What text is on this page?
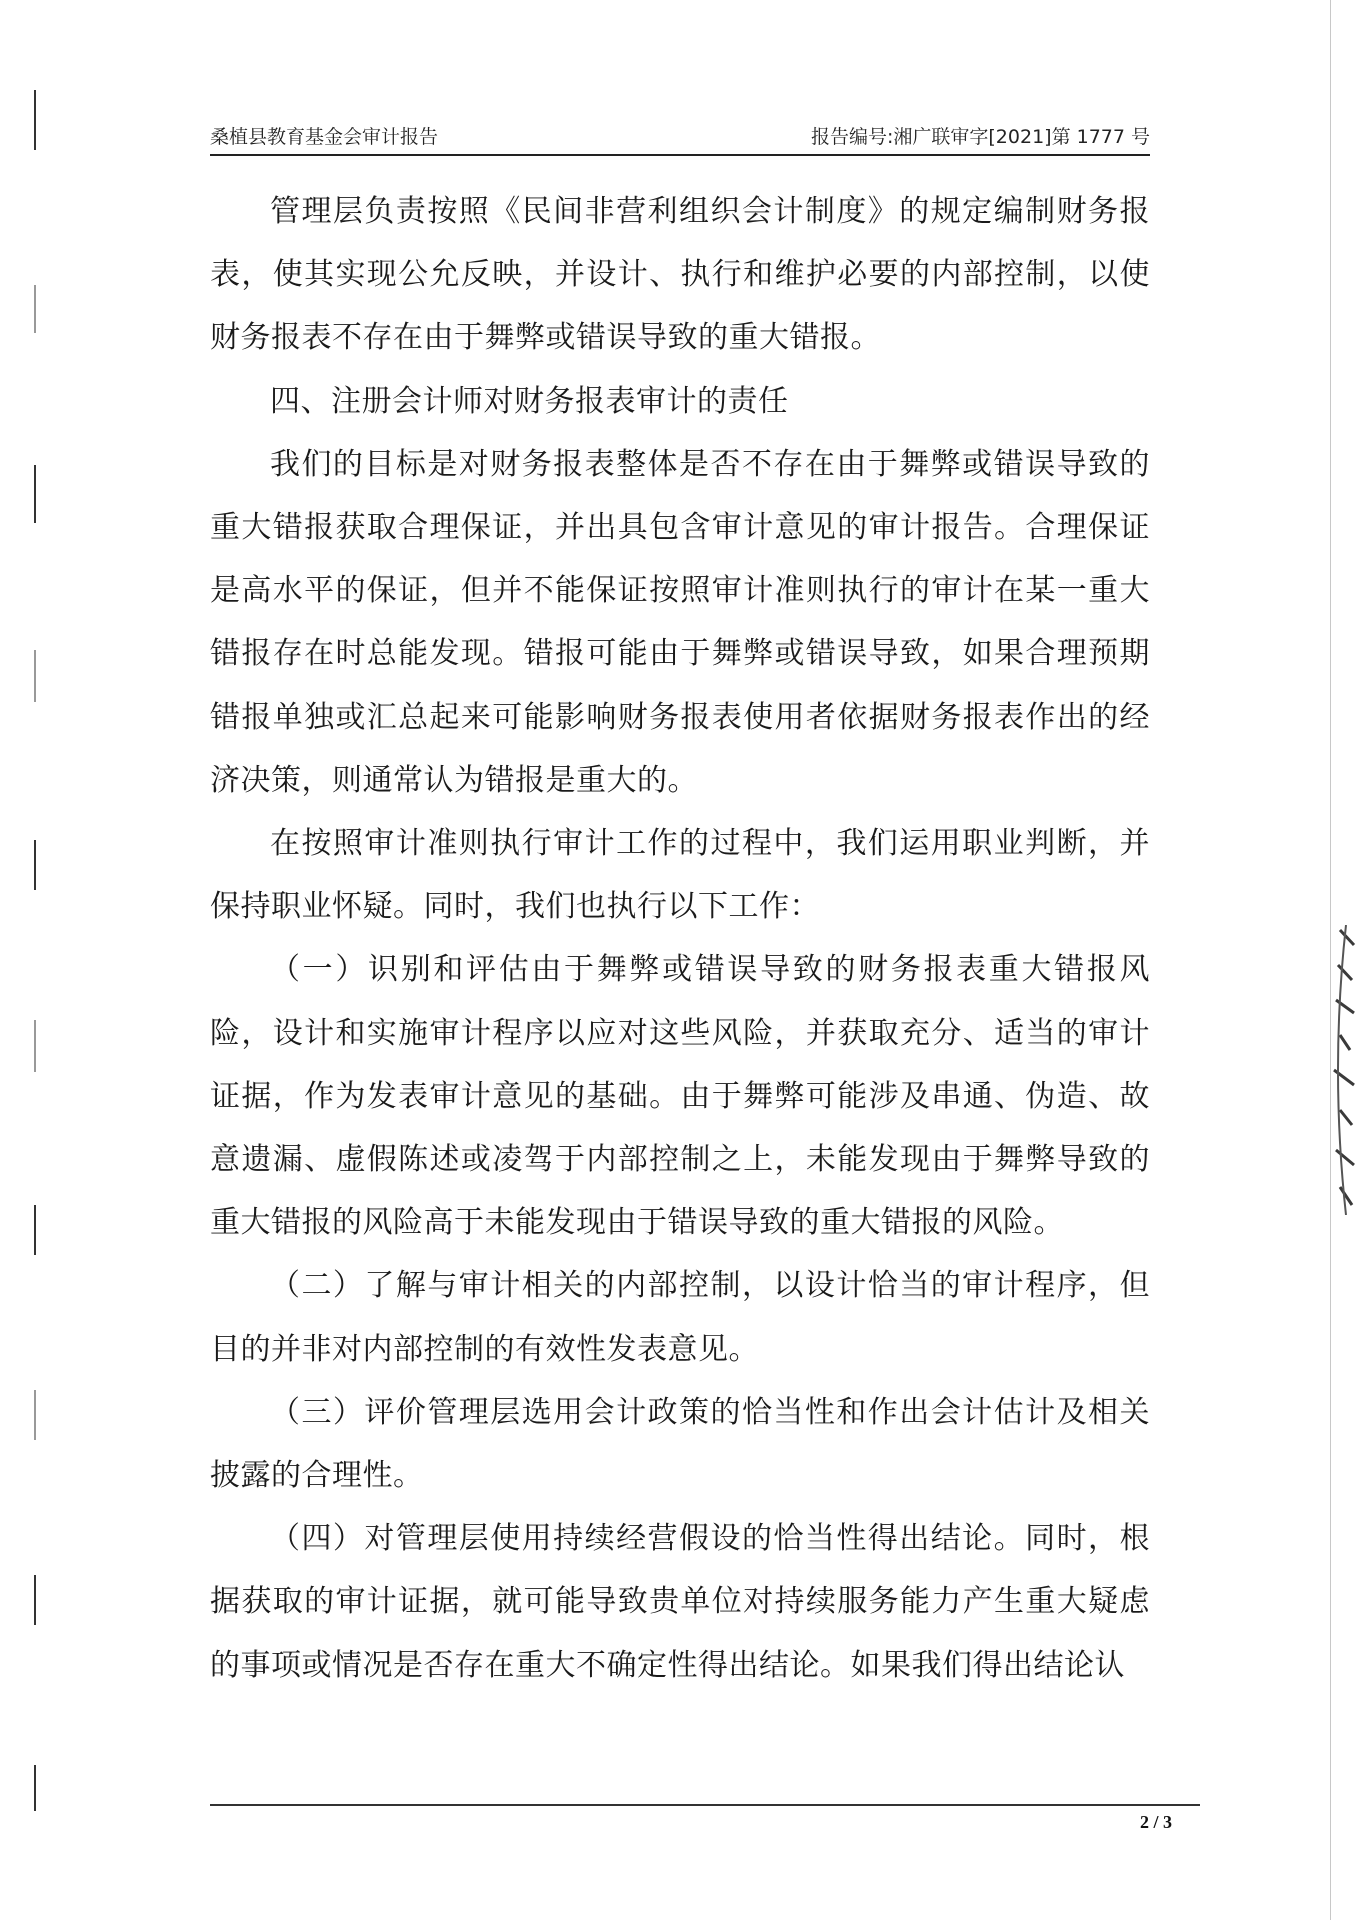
桑植县教育基金会审计报告	报告编号:湘广联审字[2021]第 1777 号

管理层负责按照《民间非营利组织会计制度》的规定编制财务报表，使其实现公允反映，并设计、执行和维护必要的内部控制，以使财务报表不存在由于舞弊或错误导致的重大错报。

四、注册会计师对财务报表审计的责任

我们的目标是对财务报表整体是否不存在由于舞弊或错误导致的重大错报获取合理保证，并出具包含审计意见的审计报告。合理保证是高水平的保证，但并不能保证按照审计准则执行的审计在某一重大错报存在时总能发现。错报可能由于舞弊或错误导致，如果合理预期错报单独或汇总起来可能影响财务报表使用者依据财务报表作出的经济决策，则通常认为错报是重大的。

在按照审计准则执行审计工作的过程中，我们运用职业判断，并保持职业怀疑。同时，我们也执行以下工作：

（一）识别和评估由于舞弊或错误导致的财务报表重大错报风险，设计和实施审计程序以应对这些风险，并获取充分、适当的审计证据，作为发表审计意见的基础。由于舞弊可能涉及串通、伪造、故意遗漏、虚假陈述或凌驾于内部控制之上，未能发现由于舞弊导致的重大错报的风险高于未能发现由于错误导致的重大错报的风险。

（二）了解与审计相关的内部控制，以设计恰当的审计程序，但目的并非对内部控制的有效性发表意见。

（三）评价管理层选用会计政策的恰当性和作出会计估计及相关披露的合理性。

（四）对管理层使用持续经营假设的恰当性得出结论。同时，根据获取的审计证据，就可能导致贵单位对持续服务能力产生重大疑虑的事项或情况是否存在重大不确定性得出结论。如果我们得出结论认

2 / 3
